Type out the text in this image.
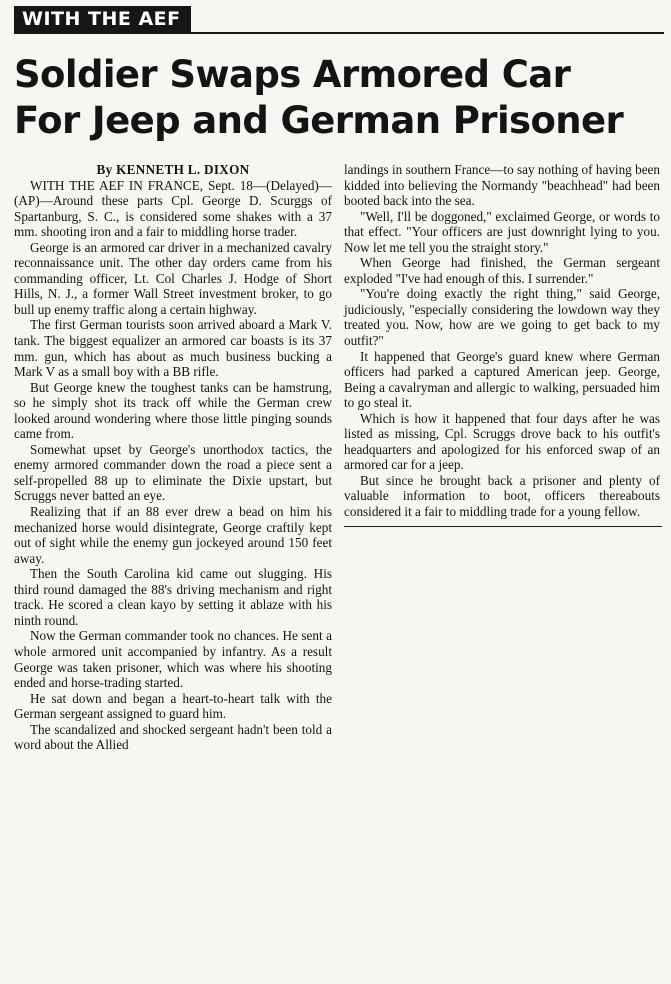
WITH THE AEF
Soldier Swaps Armored Car
For Jeep and German Prisoner
By KENNETH L. DIXON

WITH THE AEF IN FRANCE, Sept. 18—(Delayed)—(AP)—Around these parts Cpl. George D. Scurggs of Spartanburg, S. C., is considered some shakes with a 37 mm. shooting iron and a fair to middling horse trader.

George is an armored car driver in a mechanized cavalry reconnaissance unit. The other day orders came from his commanding officer, Lt. Col Charles J. Hodge of Short Hills, N. J., a former Wall Street investment broker, to go bull up enemy traffic along a certain highway.

The first German tourists soon arrived aboard a Mark V. tank. The biggest equalizer an armored car boasts is its 37 mm. gun, which has about as much business bucking a Mark V as a small boy with a BB rifle.

But George knew the toughest tanks can be hamstrung, so he simply shot its track off while the German crew looked around wondering where those little pinging sounds came from.

Somewhat upset by George's unorthodox tactics, the enemy armored commander down the road a piece sent a self-propelled 88 up to eliminate the Dixie upstart, but Scruggs never batted an eye.

Realizing that if an 88 ever drew a bead on him his mechanized horse would disintegrate, George craftily kept out of sight while the enemy gun jockeyed around 150 feet away.

Then the South Carolina kid came out slugging. His third round damaged the 88's driving mechanism and right track. He scored a clean kayo by setting it ablaze with his ninth round.

Now the German commander took no chances. He sent a whole armored unit accompanied by infantry. As a result George was taken prisoner, which was where his shooting ended and horse-trading started.

He sat down and began a heart-to-heart talk with the German sergeant assigned to guard him.

The scandalized and shocked sergeant hadn't been told a word about the Allied

landings in southern France—to say nothing of having been kidded into believing the Normandy "beachhead" had been booted back into the sea.

"Well, I'll be doggoned," exclaimed George, or words to that effect. "Your officers are just downright lying to you. Now let me tell you the straight story."

When George had finished, the German sergeant exploded "I've had enough of this. I surrender."

"You're doing exactly the right thing," said George, judiciously, "especially considering the lowdown way they treated you. Now, how are we going to get back to my outfit?"

It happened that George's guard knew where German officers had parked a captured American jeep. George, Being a cavalryman and allergic to walking, persuaded him to go steal it.

Which is how it happened that four days after he was listed as missing, Cpl. Scruggs drove back to his outfit's headquarters and apologized for his enforced swap of an armored car for a jeep.

But since he brought back a prisoner and plenty of valuable information to boot, officers thereabouts considered it a fair to middling trade for a young fellow.
